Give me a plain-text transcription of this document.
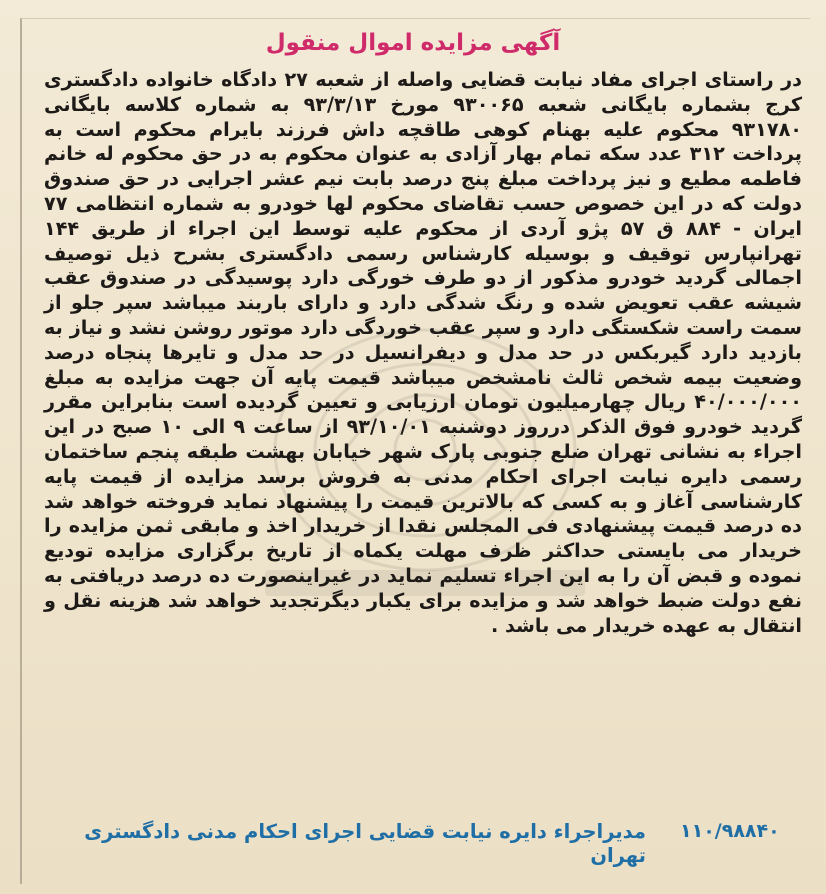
آگهی مزایده اموال منقول
در راستای اجرای مفاد نیابت قضایی واصله از شعبه ۲۷ دادگاه خانواده دادگستری کرج بشماره بایگانی شعبه ۹۳۰۰۶۵ مورخ ۹۳/۳/۱۳ به شماره کلاسه بایگانی ۹۳۱۷۸۰ محکوم علیه بهنام کوهی طاقچه داش فرزند بایرام محکوم است به پرداخت ۳۱۲ عدد سکه تمام بهار آزادی به عنوان محکوم به در حق محکوم له خانم فاطمه مطیع و نیز پرداخت مبلغ پنج درصد بابت نیم عشر اجرایی در حق صندوق دولت که در این خصوص حسب تقاضای محکوم لها خودرو به شماره انتظامی ۷۷ ایران - ۸۸۴ ق ۵۷ پژو آردی از محکوم علیه توسط این اجراء از طریق ۱۴۴ تهرانپارس توقیف و بوسیله کارشناس رسمی دادگستری بشرح ذیل توصیف اجمالی گردید خودرو مذکور از دو طرف خورگی دارد پوسیدگی در صندوق عقب شیشه عقب تعویض شده و رنگ شدگی دارد و دارای باربند میباشد سپر جلو از سمت راست شکستگی دارد و سپر عقب خوردگی دارد موتور روشن نشد و نیاز به بازدید دارد گیربکس در حد مدل و دیفرانسیل در حد مدل و تایرها پنجاه درصد وضعیت بیمه شخص ثالث نامشخص میباشد قیمت پایه آن جهت مزایده به مبلغ ۴۰/۰۰۰/۰۰۰ ریال چهارمیلیون تومان ارزیابی و تعیین گردیده است بنابراین مقرر گردید خودرو فوق الذکر درروز دوشنبه ۹۳/۱۰/۰۱ از ساعت ۹ الی ۱۰ صبح در این اجراء به نشانی تهران ضلع جنوبی پارک شهر خیابان بهشت طبقه پنجم ساختمان رسمی دایره نیابت اجرای احکام مدنی به فروش برسد مزایده از قیمت پایه کارشناسی آغاز و به کسی که بالاترین قیمت را پیشنهاد نماید فروخته خواهد شد ده درصد قیمت پیشنهادی فی المجلس نقدا از خریدار اخذ و مابقی ثمن مزایده را خریدار می بایستی حداکثر ظرف مهلت یکماه از تاریخ برگزاری مزایده تودیع نموده و قبض آن را به این اجراء تسلیم نماید در غیراینصورت ده درصد دریافتی به نفع دولت ضبط خواهد شد و مزایده برای یکبار دیگرتجدید خواهد شد هزینه نقل و انتقال به عهده خریدار می باشد .
مدیراجراء دایره نیابت قضایی اجرای احکام مدنی دادگستری تهران
۱۱۰/۹۸۸۴۰
